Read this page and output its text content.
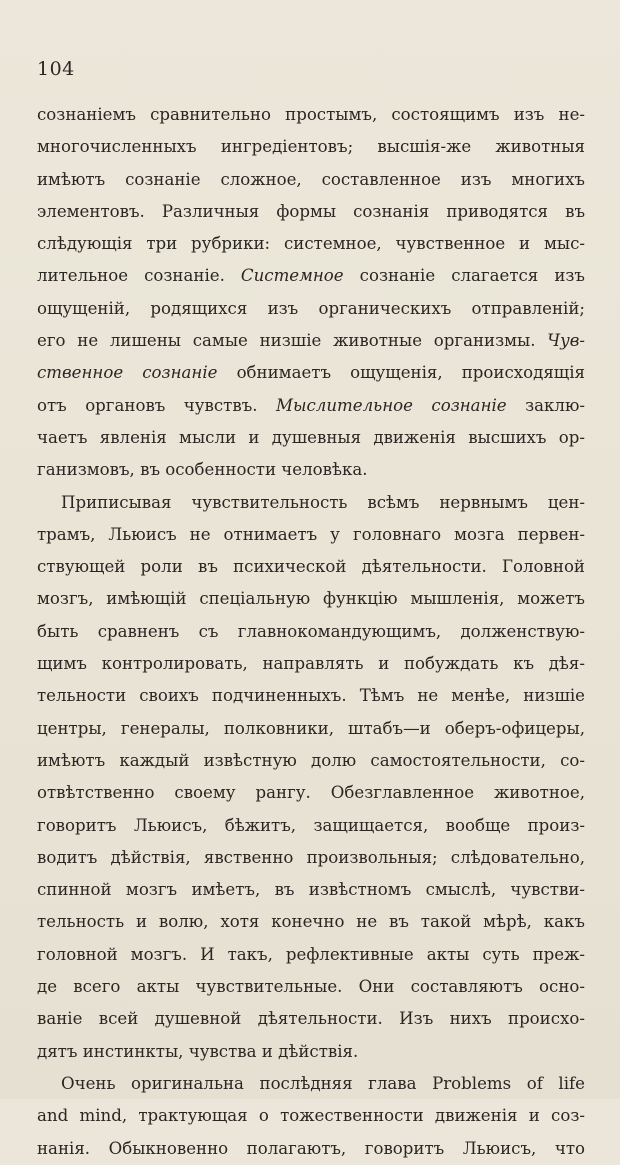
104
сознаніемъ сравнительно простымъ, состоящимъ изъ не-
многочисленныхъ ингредіентовъ; высшія-же животныя
имѣютъ сознаніе сложное, составленное изъ многихъ
элементовъ. Различныя формы сознанія приводятся въ
слѣдующія три рубрики: системное, чувственное и мыс-
лительное сознаніе. Системное сознаніе слагается изъ
ощущеній, родящихся изъ органическихъ отправленій;
его не лишены самые низшіе животные организмы. Чув-
ственное сознаніе обнимаетъ ощущенія, происходящія
отъ органовъ чувствъ. Мыслительное сознаніе заклю-
чаетъ явленія мысли и душевныя движенія высшихъ ор-
ганизмовъ, въ особенности человѣка.
Приписывая чувствительность всѣмъ нервнымъ цен-
трамъ, Льюисъ не отнимаетъ у головнаго мозга первен-
ствующей роли въ психической дѣятельности. Головной
мозгъ, имѣющій спеціальную функцію мышленія, можетъ
быть сравненъ съ главнокомандующимъ, долженствую-
щимъ контролировать, направлять и побуждать къ дѣя-
тельности своихъ подчиненныхъ. Тѣмъ не менѣе, низшіе
центры, генералы, полковники, штабъ—и оберъ-офицеры,
имѣютъ каждый извѣстную долю самостоятельности, со-
отвѣтственно своему рангу. Обезглавленное животное,
говоритъ Льюисъ, бѣжитъ, защищается, вообще произ-
водитъ дѣйствія, явственно произвольныя; слѣдовательно,
спинной мозгъ имѣетъ, въ извѣстномъ смыслѣ, чувстви-
тельность и волю, хотя конечно не въ такой мѣрѣ, какъ
головной мозгъ. И такъ, рефлективные акты суть преж-
де всего акты чувствительные. Они составляютъ осно-
ваніе всей душевной дѣятельности. Изъ нихъ происхо-
дятъ инстинкты, чувства и дѣйствія.
Очень оригинальна послѣдняя глава Problems of life
and mind, трактующая о тожественности движенія и соз-
нанія. Обыкновенно полагаютъ, говоритъ Льюисъ, что
